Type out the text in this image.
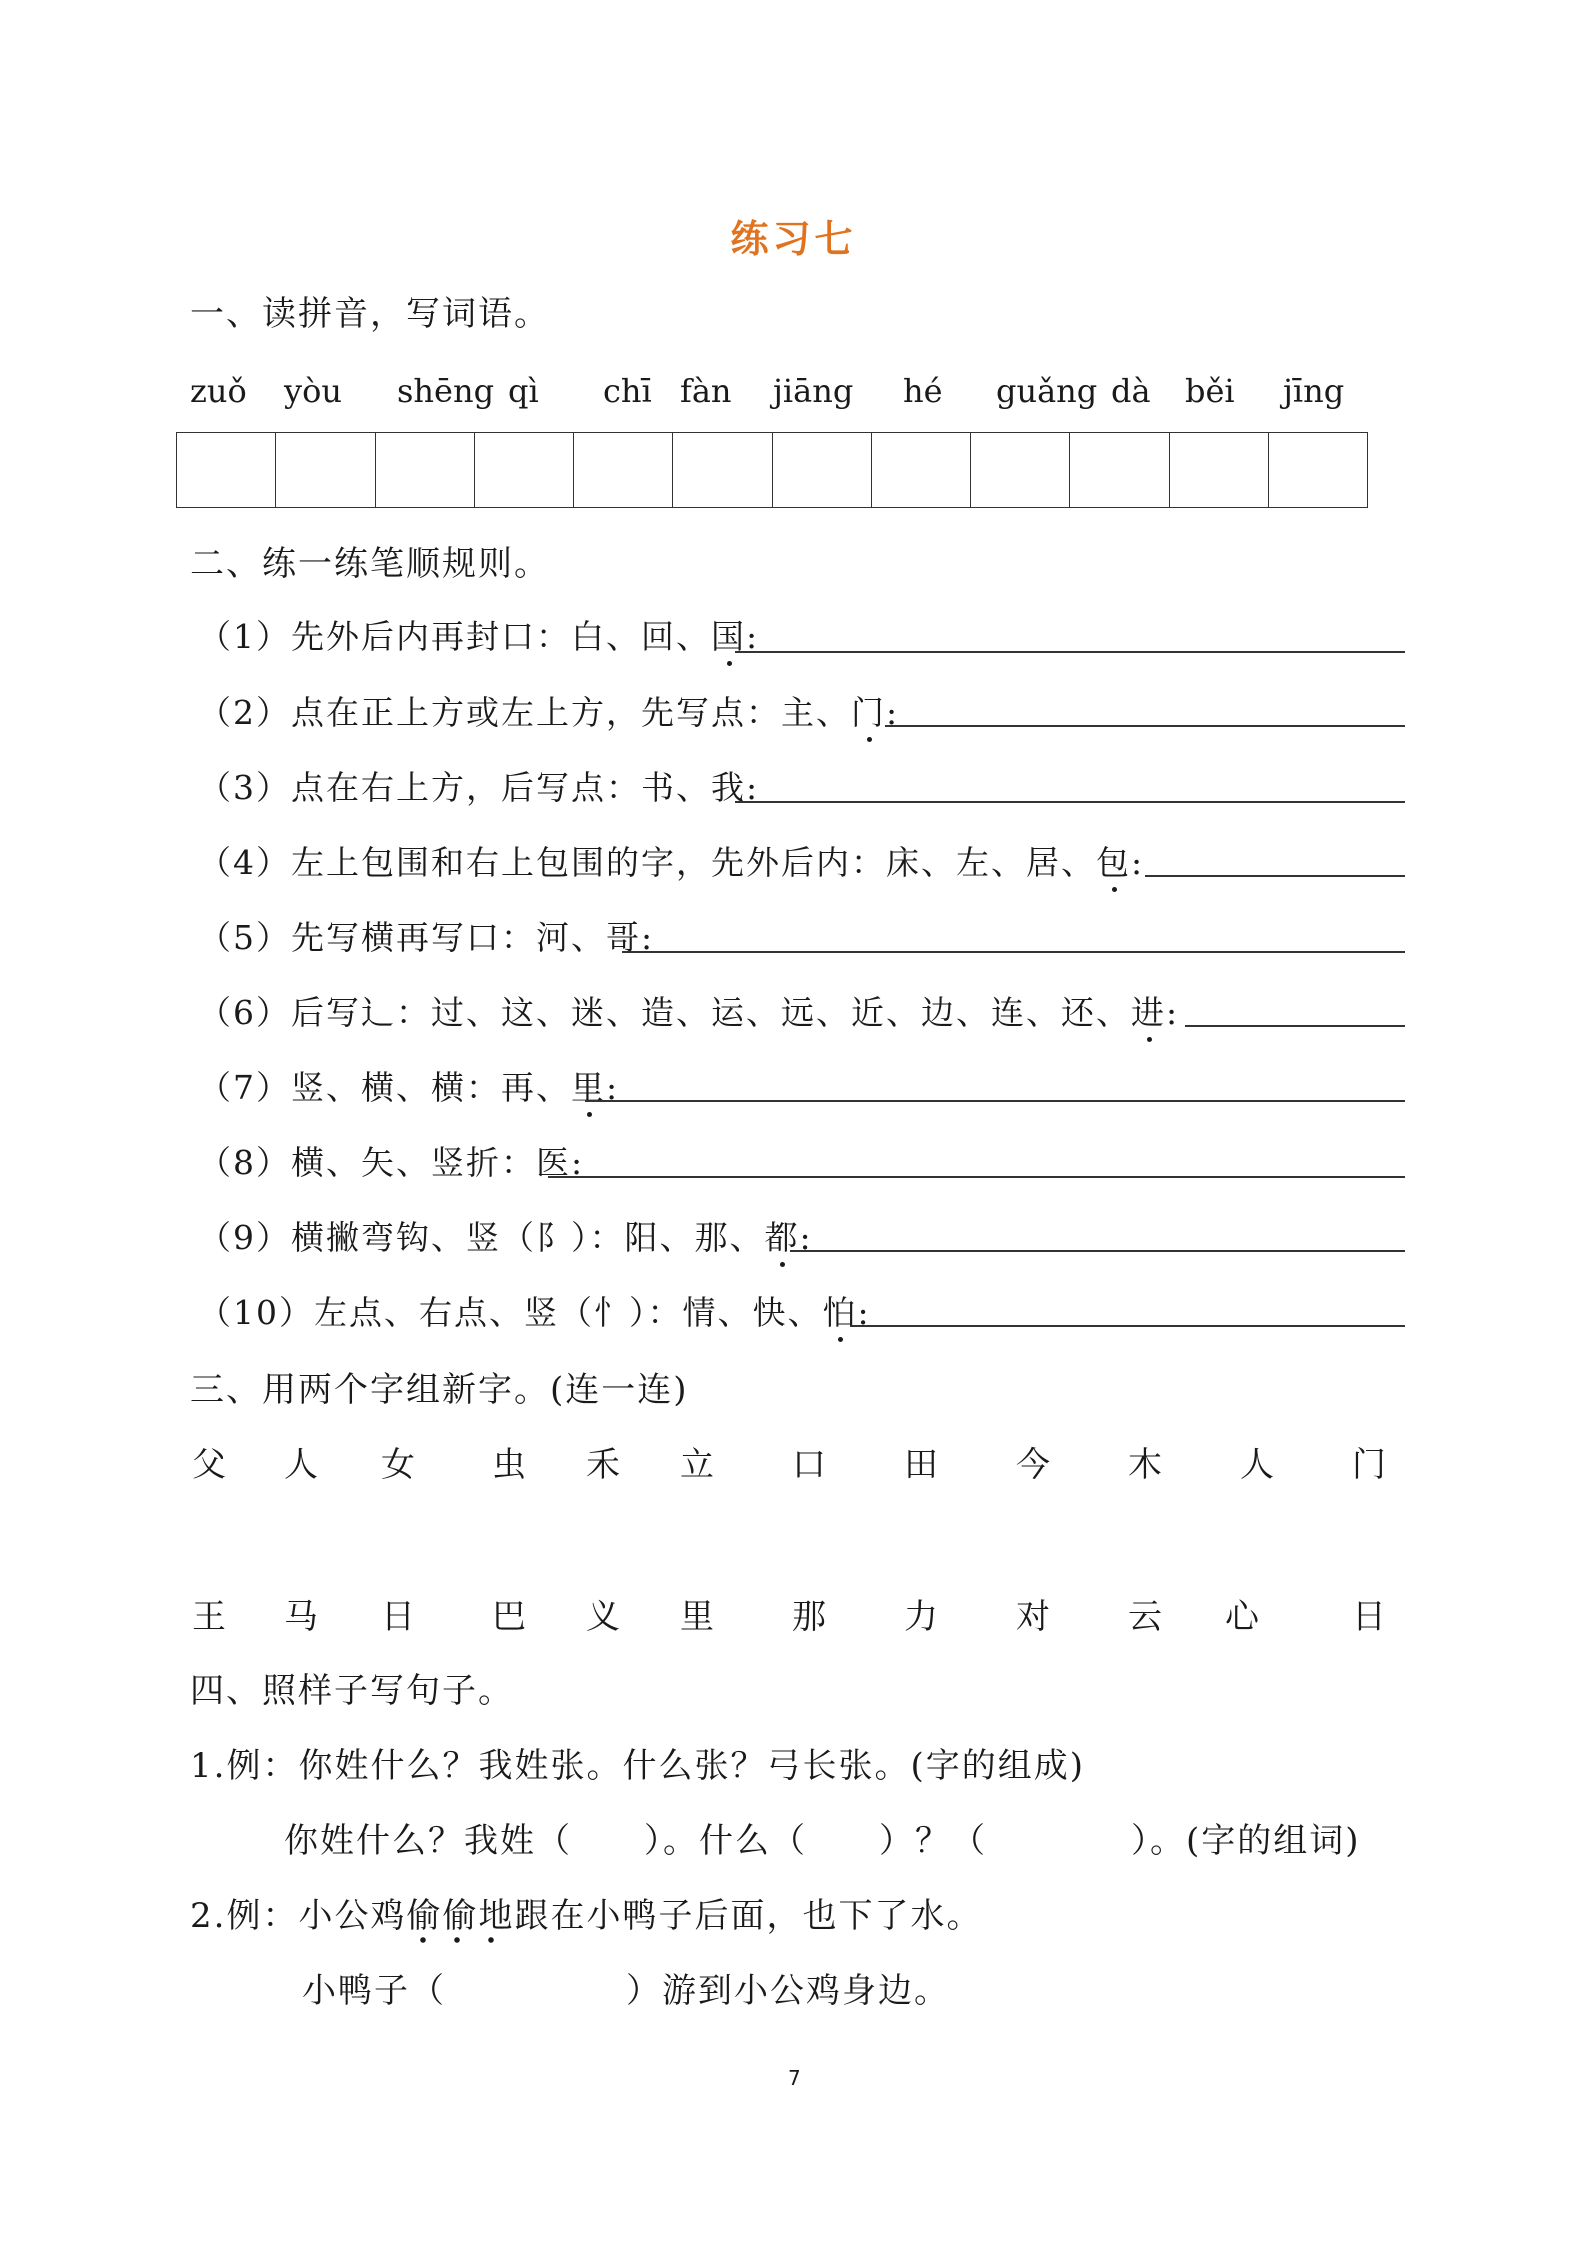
练习七
一、读拼音，写词语。
zuǒ yòu shēng qì chī fàn jiāng hé guǎng dà běi jīng
二、练一练笔顺规则。
（1）先外后内再封口：白、回、国:
（2）点在正上方或左上方，先写点：主、门:
（3）点在右上方，后写点：书、我:
（4）左上包围和右上包围的字，先外后内：床、左、居、包:
（5）先写横再写口：河、哥:
（6）后写辶：过、这、迷、造、运、远、近、边、连、还、进:
（7）竖、横、横：再、里:
（8）横、矢、竖折：医:
（9）横撇弯钩、竖（阝）：阳、那、都:
（10）左点、右点、竖（忄）：情、快、怕:
三、用两个字组新字。(连一连)
父 人 女 虫 禾 立 口 田 今 木 人 门
王 马 日 巴 义 里 那 力 对 云 心	日
四、照样子写句子。
1.例：你姓什么？我姓张。什么张？弓长张。(字的组成)
你姓什么？我姓（　　）。什么（　　）？（　　　　）。(字的组词)
2.例：小公鸡偷偷地跟在小鸭子后面，也下了水。
小鸭子（　　　　　）游到小公鸡身边。
7
